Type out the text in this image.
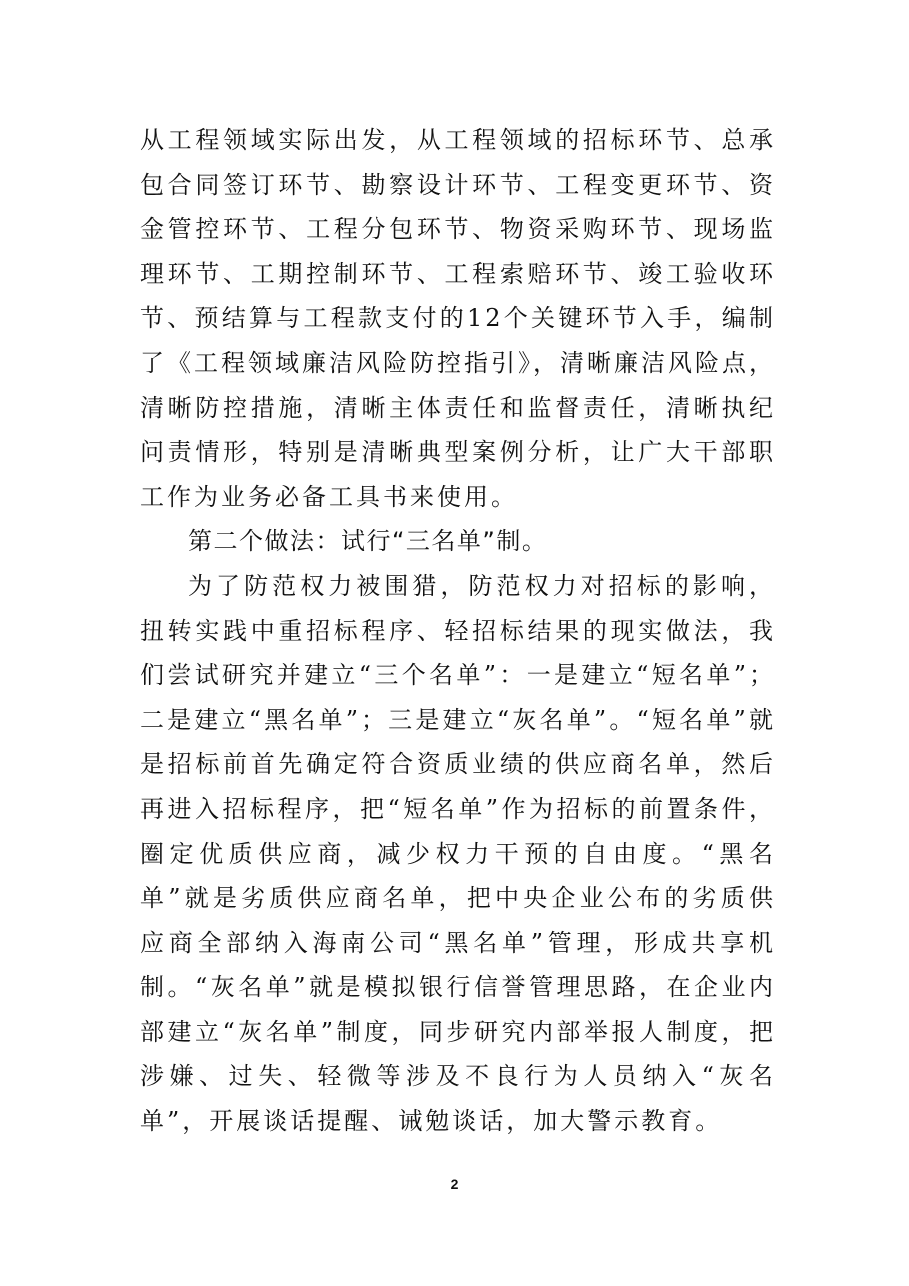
从工程领域实际出发，从工程领域的招标环节、总承包合同签订环节、勘察设计环节、工程变更环节、资金管控环节、工程分包环节、物资采购环节、现场监理环节、工期控制环节、工程索赔环节、竣工验收环节、预结算与工程款支付的12个关键环节入手，编制了《工程领域廉洁风险防控指引》，清晰廉洁风险点，清晰防控措施，清晰主体责任和监督责任，清晰执纪问责情形，特别是清晰典型案例分析，让广大干部职工作为业务必备工具书来使用。

第二个做法：试行“三名单”制。

为了防范权力被围猎，防范权力对招标的影响，扭转实践中重招标程序、轻招标结果的现实做法，我们尝试研究并建立“三个名单”：一是建立“短名单”；二是建立“黑名单”；三是建立“灰名单”。“短名单”就是招标前首先确定符合资质业绩的供应商名单，然后再进入招标程序，把“短名单”作为招标的前置条件，圈定优质供应商，减少权力干预的自由度。“黑名单”就是劣质供应商名单，把中央企业公布的劣质供应商全部纳入海南公司“黑名单”管理，形成共享机制。“灰名单”就是模拟银行信誉管理思路，在企业内部建立“灰名单”制度，同步研究内部举报人制度，把涉嫌、过失、轻微等涉及不良行为人员纳入“灰名单”，开展谈话提醒、诫勉谈话，加大警示教育。

2
